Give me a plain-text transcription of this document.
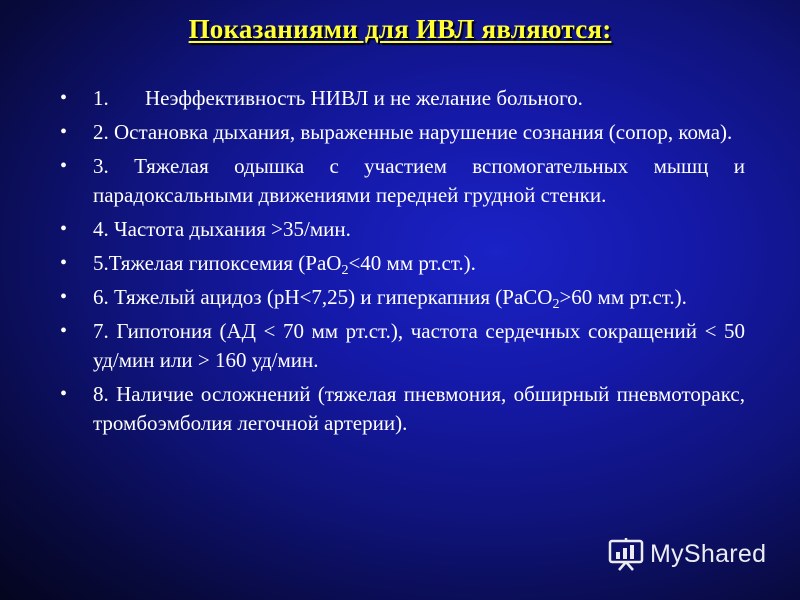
Показаниями для ИВЛ являются:
•	1. Неэффективность НИВЛ и не желание больного.
•	2. Остановка дыхания, выраженные нарушение сознания (сопор, кома).
•	3. Тяжелая одышка с участием вспомогательных мышц и парадоксальными движениями передней грудной стенки.
•	4. Частота дыхания >35/мин.
•	5.Тяжелая гипоксемия (PaO$_2$<40 мм рт.ст.).
•	6. Тяжелый ацидоз (pH<7,25) и гиперкапния (PaCO$_2$>60 мм рт.ст.).
•	7. Гипотония (АД < 70 мм рт.ст.), частота сердечных сокращений < 50 уд/мин или > 160 уд/мин.
•	8. Наличие осложнений (тяжелая пневмония, обширный пневмоторакс, тромбоэмболия легочной артерии).
MyShared
